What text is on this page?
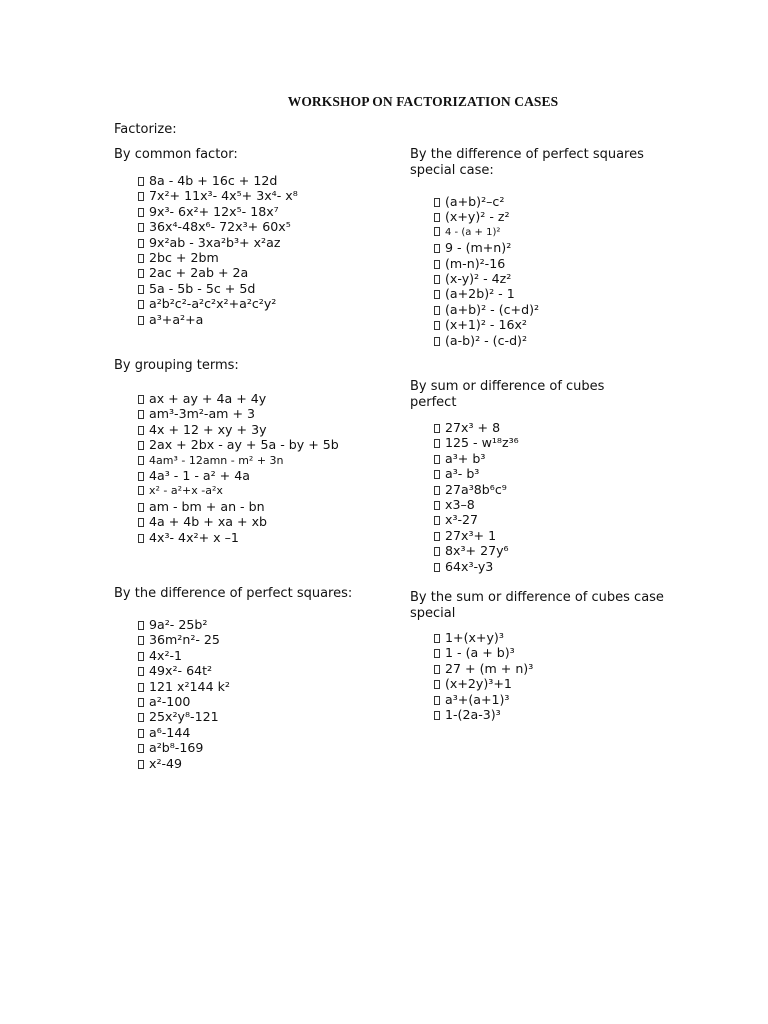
WORKSHOP ON FACTORIZATION CASES
Factorize:
By common factor:
8a - 4b + 16c + 12d
7x²+ 11x³- 4x⁵+ 3x⁴- x⁸
9x³- 6x²+ 12x⁵- 18x⁷
36x⁴-48x⁶- 72x³+ 60x⁵
9x²ab - 3xa²b³+ x²az
2bc + 2bm
2ac + 2ab + 2a
5a - 5b - 5c + 5d
a²b²c²-a²c²x²+a²c²y²
a³+a²+a
By grouping terms:
ax + ay + 4a + 4y
am³-3m²-am + 3
4x + 12 + xy + 3y
2ax + 2bx - ay + 5a - by + 5b
4am³ - 12amn - m² + 3n
4a³ - 1 - a² + 4a
x² - a²+x -a²x
am - bm + an - bn
4a + 4b + xa + xb
4x³- 4x²+ x –1
By the difference of perfect squares:
9a²- 25b²
36m²n²- 25
4x²-1
49x²- 64t²
121 x²144 k²
a²-100
25x²y⁸-121
a⁶-144
a²b⁸-169
x²-49
By the difference of perfect squares
special case:
(a+b)²–c²
(x+y)² - z²
4 - (a + 1)²
9 - (m+n)²
(m-n)²-16
(x-y)² - 4z²
(a+2b)² - 1
(a+b)² - (c+d)²
(x+1)² - 16x²
(a-b)² - (c-d)²
By sum or difference of cubes
perfect
27x³ + 8
125 - w¹⁸z³⁶
a³+ b³
a³- b³
27a³8b⁶c⁹
x3–8
x³-27
27x³+ 1
8x³+ 27y⁶
64x³-y3
By the sum or difference of cubes case
special
1+(x+y)³
1 - (a + b)³
27 + (m + n)³
(x+2y)³+1
a³+(a+1)³
1-(2a-3)³
